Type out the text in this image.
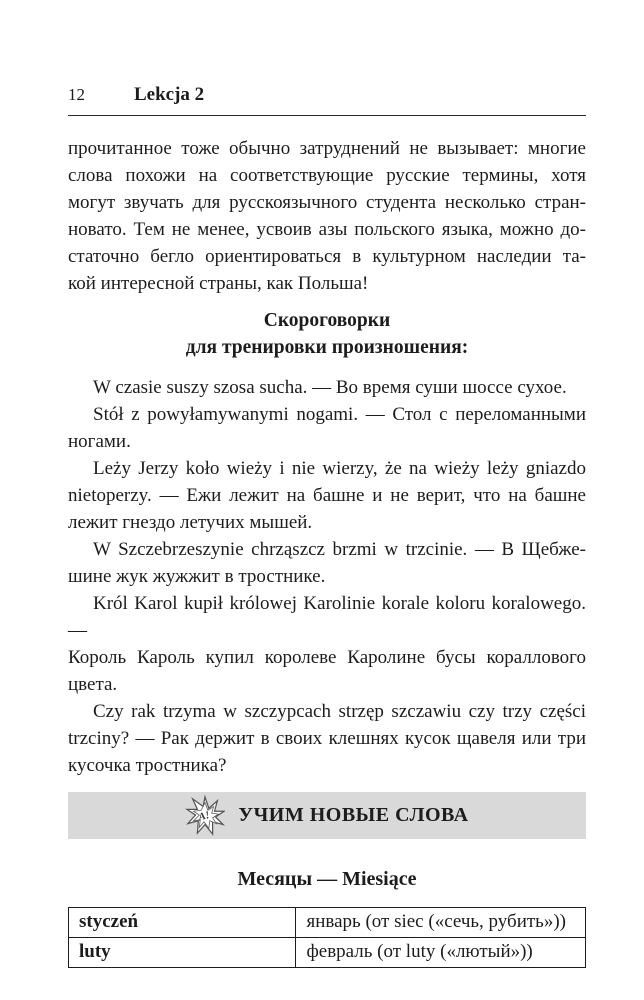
12	Lekcja 2
прочитанное тоже обычно затруднений не вызывает: многие
слова похожи на соответствующие русские термины, хотя
могут звучать для русскоязычного студента несколько стран-
новато. Тем не менее, усвоив азы польского языка, можно до-
статочно бегло ориентироваться в культурном наследии та-
кой интересной страны, как Польша!
Скороговорки
для тренировки произношения:
W czasie suszy szosa sucha. — Во время суши шоссе сухое.
Stół z powyłamywanymi nogami. — Стол с переломанными
ногами.
Leży Jerzy koło wieży i nie wierzy, że na wieży leży gniazdo
nietoperzy. — Ежи лежит на башне и не верит, что на башне
лежит гнездо летучих мышей.
W Szczebrzeszynie chrząszcz brzmi w trzcinie. — В Щебже-
шине жук жужжит в тростнике.
Król Karol kupił królowej Karolinie korale koloru koralowego. —
Король Кароль купил королеве Каролине бусы кораллового
цвета.
Czy rak trzyma w szczypcach strzęp szczawiu czy trzy części
trzciny? — Рак держит в своих клешнях кусок щавеля или три
кусочка тростника?
A! УЧИМ НОВЫЕ СЛОВА
Месяцы — Miesiące
styczeń	январь (от siec («сечь, рубить»))
luty	февраль (от luty («лютый»))
